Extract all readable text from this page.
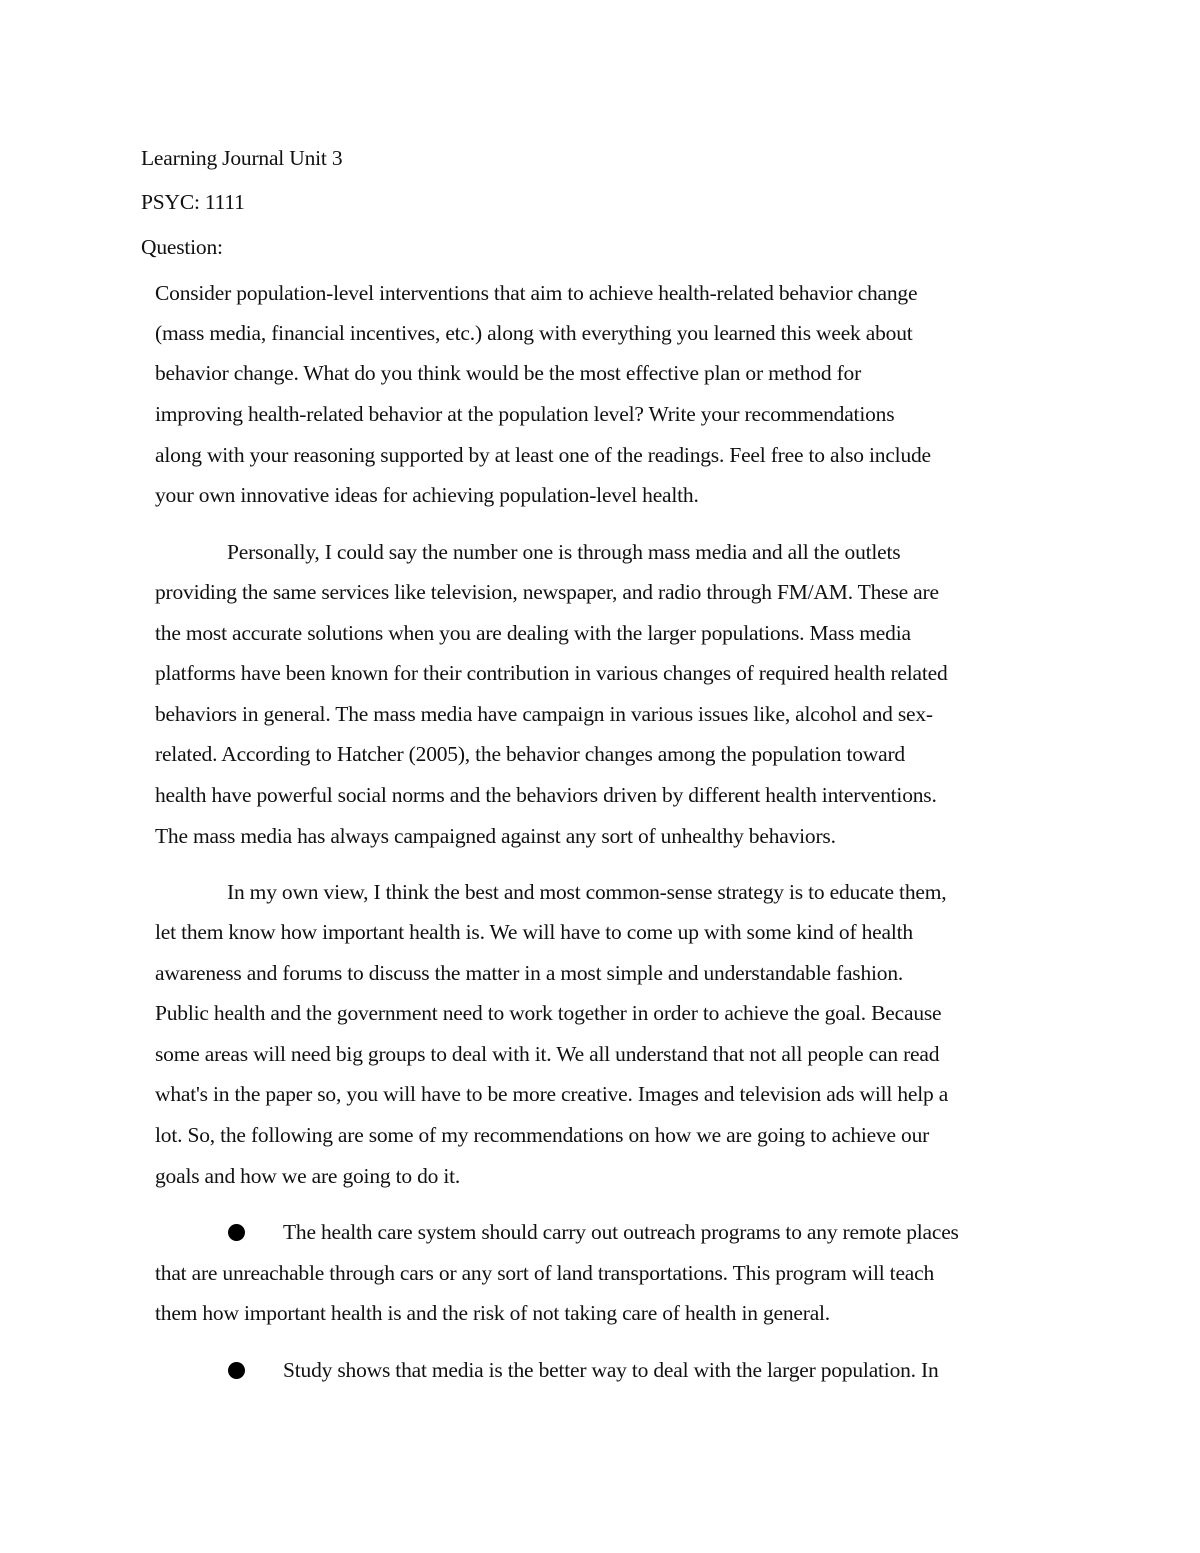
Learning Journal Unit 3
PSYC: 1111
Question:
Consider population-level interventions that aim to achieve health-related behavior change
(mass media, financial incentives, etc.) along with everything you learned this week about
behavior change. What do you think would be the most effective plan or method for
improving health-related behavior at the population level? Write your recommendations
along with your reasoning supported by at least one of the readings. Feel free to also include
your own innovative ideas for achieving population-level health.
Personally, I could say the number one is through mass media and all the outlets
providing the same services like television, newspaper, and radio through FM/AM. These are
the most accurate solutions when you are dealing with the larger populations. Mass media
platforms have been known for their contribution in various changes of required health related
behaviors in general. The mass media have campaign in various issues like, alcohol and sex-
related. According to Hatcher (2005), the behavior changes among the population toward
health have powerful social norms and the behaviors driven by different health interventions.
The mass media has always campaigned against any sort of unhealthy behaviors.
In my own view, I think the best and most common-sense strategy is to educate them,
let them know how important health is. We will have to come up with some kind of health
awareness and forums to discuss the matter in a most simple and understandable fashion.
Public health and the government need to work together in order to achieve the goal. Because
some areas will need big groups to deal with it. We all understand that not all people can read
what's in the paper so, you will have to be more creative. Images and television ads will help a
lot. So, the following are some of my recommendations on how we are going to achieve our
goals and how we are going to do it.
The health care system should carry out outreach programs to any remote places
that are unreachable through cars or any sort of land transportations. This program will teach
them how important health is and the risk of not taking care of health in general.
Study shows that media is the better way to deal with the larger population. In
